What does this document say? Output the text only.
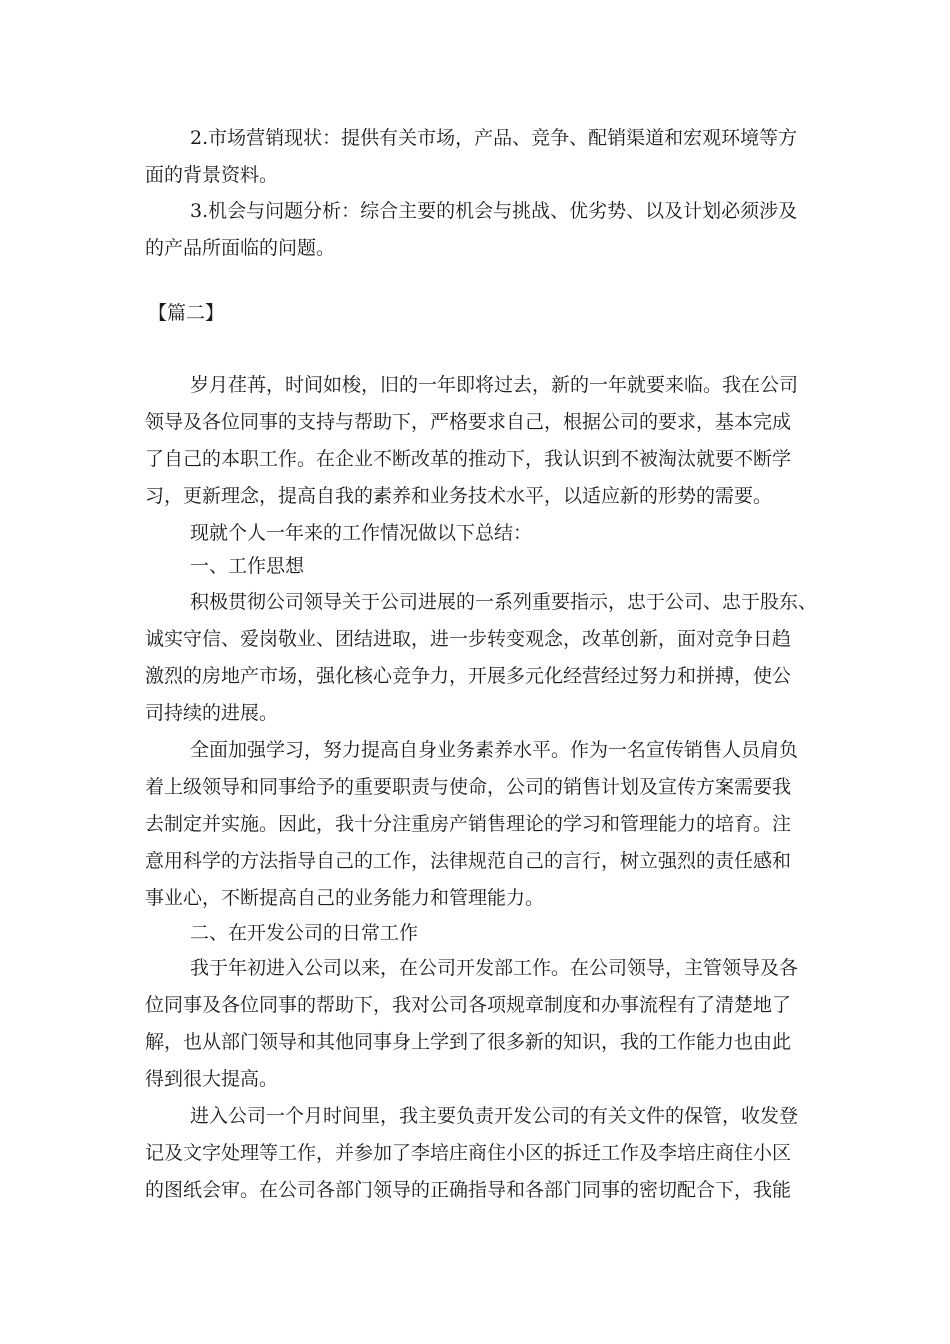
2.市场营销现状：提供有关市场，产品、竞争、配销渠道和宏观环境等方
面的背景资料。
3.机会与问题分析：综合主要的机会与挑战、优劣势、以及计划必须涉及
的产品所面临的问题。
【篇二】
岁月荏苒，时间如梭，旧的一年即将过去，新的一年就要来临。我在公司
领导及各位同事的支持与帮助下，严格要求自己，根据公司的要求，基本完成
了自己的本职工作。在企业不断改革的推动下，我认识到不被淘汰就要不断学
习，更新理念，提高自我的素养和业务技术水平，以适应新的形势的需要。
现就个人一年来的工作情况做以下总结：
一、工作思想
积极贯彻公司领导关于公司进展的一系列重要指示，忠于公司、忠于股东、
诚实守信、爱岗敬业、团结进取，进一步转变观念，改革创新，面对竞争日趋
激烈的房地产市场，强化核心竞争力，开展多元化经营经过努力和拼搏，使公
司持续的进展。
全面加强学习，努力提高自身业务素养水平。作为一名宣传销售人员肩负
着上级领导和同事给予的重要职责与使命，公司的销售计划及宣传方案需要我
去制定并实施。因此，我十分注重房产销售理论的学习和管理能力的培育。注
意用科学的方法指导自己的工作，法律规范自己的言行，树立强烈的责任感和
事业心，不断提高自己的业务能力和管理能力。
二、在开发公司的日常工作
我于年初进入公司以来，在公司开发部工作。在公司领导，主管领导及各
位同事及各位同事的帮助下，我对公司各项规章制度和办事流程有了清楚地了
解，也从部门领导和其他同事身上学到了很多新的知识，我的工作能力也由此
得到很大提高。
进入公司一个月时间里，我主要负责开发公司的有关文件的保管，收发登
记及文字处理等工作，并参加了李培庄商住小区的拆迁工作及李培庄商住小区
的图纸会审。在公司各部门领导的正确指导和各部门同事的密切配合下，我能
